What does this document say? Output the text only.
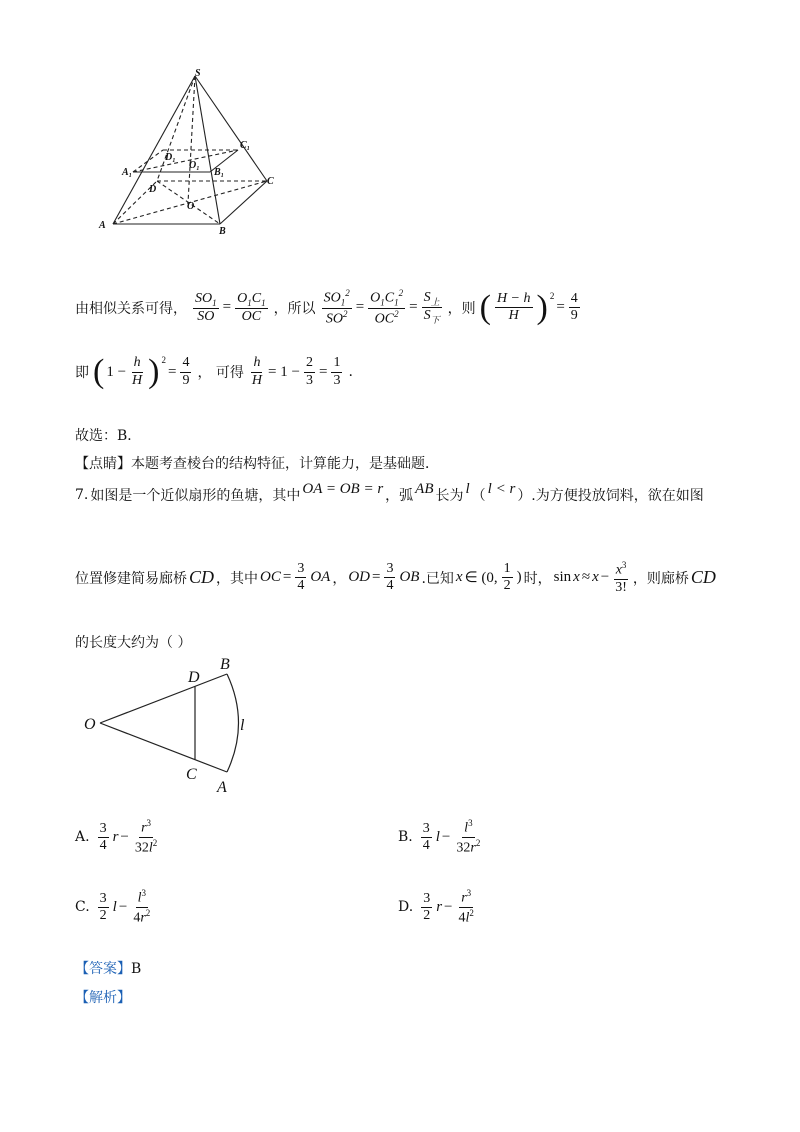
S
C₁
D₁
O₁
A₁	B₁
C
D
O
A
B
由相似关系可得， $\frac{SO_1}{SO} = \frac{O_1C_1}{OC}$ ，所以 $\frac{SO_1^2}{SO^2} = \frac{O_1C_1^2}{OC^2} = \frac{S_上}{S_下}$ ，则 ( $\frac{H - h}{H} )^2$
= $\frac{4}{9}$
即 ( $1 - \frac{h}{H} )^2$
= $\frac{4}{9}$ ， 可得 $\frac{h}{H} = 1 - \frac{2}{3} = \frac{1}{3}$ .
故选：B．
【点睛】本题考查棱台的结构特征，计算能力，是基础题．
7. 如图是一个近似扇形的鱼塘，其中 OA = OB = r ，弧 AB 长为 l （ l < r ）.为方便投放饲料，欲在如图
位置修建简易廊桥 CD ，其中 OC = $\frac{3}{4}$ OA ， OD = $\frac{3}{4}$ OB .已知 x ∈ (0, $\frac{1}{2}$ ) 时， $\sin x \approx x - \frac{x^3}{3!}$ ，则廊桥 CD
的长度大约为（ ）
O
D
B
C
A
l
A. $\frac{3}{4}$ $r - \frac{r^3}{32l^2}$	B. $\frac{3}{4}$ $l - \frac{l^3}{32r^2}$
C. $\frac{3}{2}$ $l - \frac{l^3}{4r^2}$	D. $\frac{3}{2}$ $r - \frac{r^3}{4l^2}$
【答案】B
【解析】
